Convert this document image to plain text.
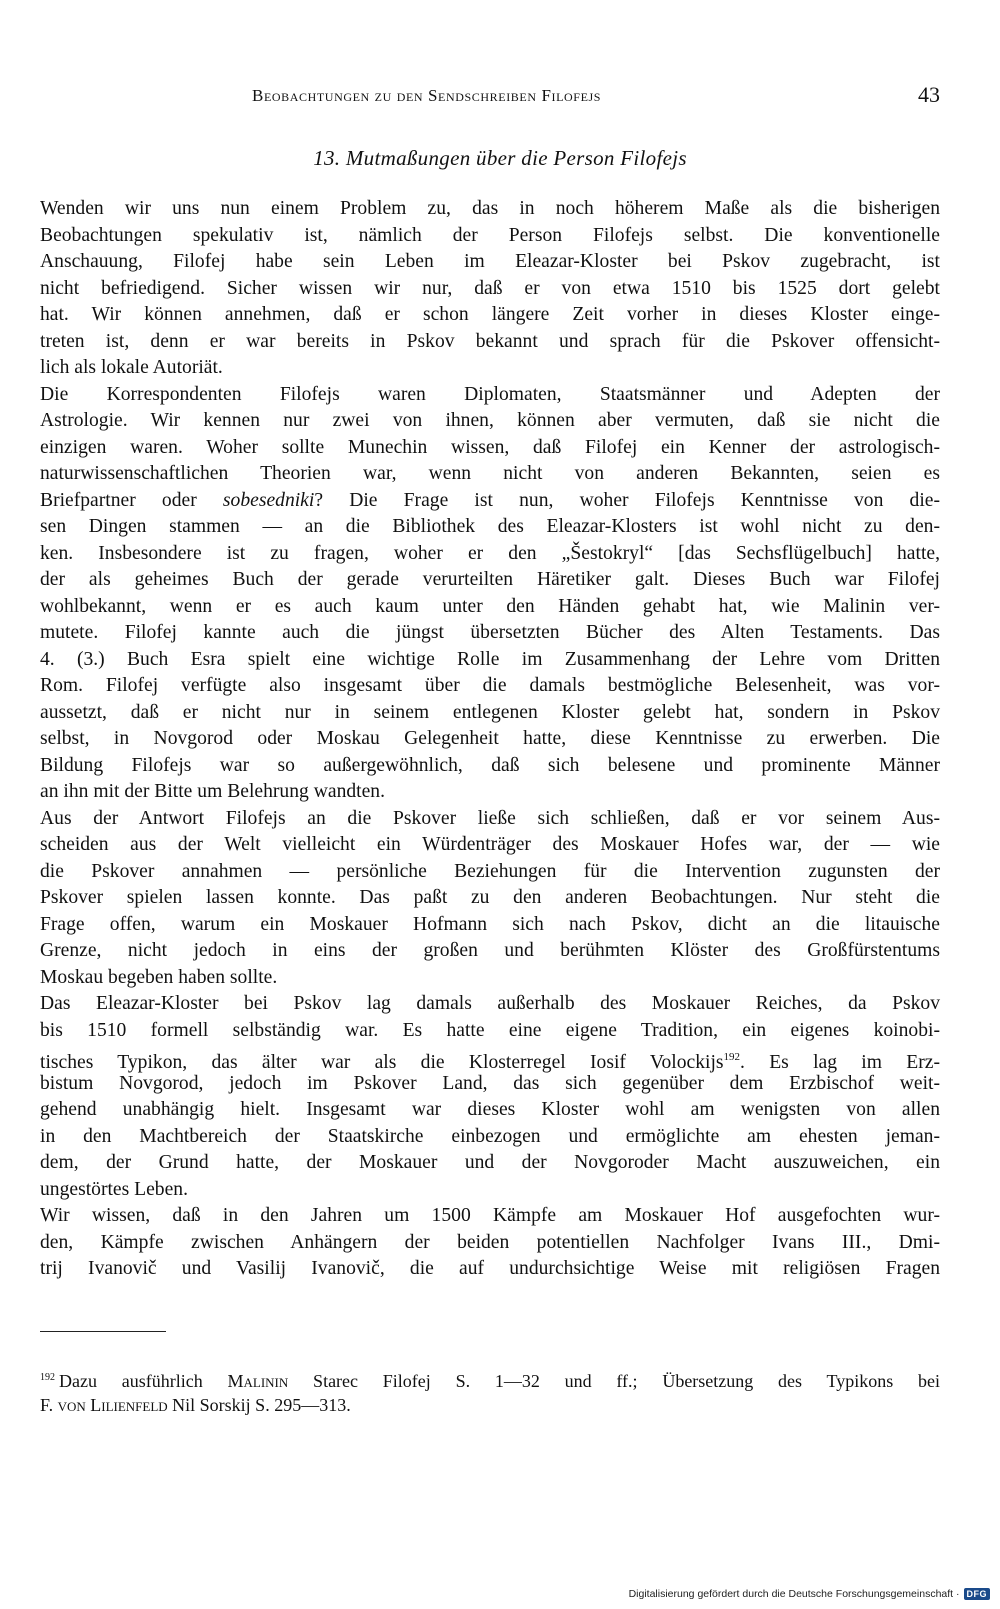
Beobachtungen zu den Sendschreiben Filofejs	43
13. Mutmaßungen über die Person Filofejs
Wenden wir uns nun einem Problem zu, das in noch höherem Maße als die bisherigen
Beobachtungen spekulativ ist, nämlich der Person Filofejs selbst. Die konventionelle
Anschauung, Filofej habe sein Leben im Eleazar-Kloster bei Pskov zugebracht, ist
nicht befriedigend. Sicher wissen wir nur, daß er von etwa 1510 bis 1525 dort gelebt
hat. Wir können annehmen, daß er schon längere Zeit vorher in dieses Kloster einge-
treten ist, denn er war bereits in Pskov bekannt und sprach für die Pskover offensicht-
lich als lokale Autoriät.
Die Korrespondenten Filofejs waren Diplomaten, Staatsmänner und Adepten der
Astrologie. Wir kennen nur zwei von ihnen, können aber vermuten, daß sie nicht die
einzigen waren. Woher sollte Munechin wissen, daß Filofej ein Kenner der astrologisch-
naturwissenschaftlichen Theorien war, wenn nicht von anderen Bekannten, seien es
Briefpartner oder sobesedniki? Die Frage ist nun, woher Filofejs Kenntnisse von die-
sen Dingen stammen — an die Bibliothek des Eleazar-Klosters ist wohl nicht zu den-
ken. Insbesondere ist zu fragen, woher er den „Šestokryl“ [das Sechsflügelbuch] hatte,
der als geheimes Buch der gerade verurteilten Häretiker galt. Dieses Buch war Filofej
wohlbekannt, wenn er es auch kaum unter den Händen gehabt hat, wie Malinin ver-
mutete. Filofej kannte auch die jüngst übersetzten Bücher des Alten Testaments. Das
4. (3.) Buch Esra spielt eine wichtige Rolle im Zusammenhang der Lehre vom Dritten
Rom. Filofej verfügte also insgesamt über die damals bestmögliche Belesenheit, was vor-
aussetzt, daß er nicht nur in seinem entlegenen Kloster gelebt hat, sondern in Pskov
selbst, in Novgorod oder Moskau Gelegenheit hatte, diese Kenntnisse zu erwerben. Die
Bildung Filofejs war so außergewöhnlich, daß sich belesene und prominente Männer
an ihn mit der Bitte um Belehrung wandten.
Aus der Antwort Filofejs an die Pskover ließe sich schließen, daß er vor seinem Aus-
scheiden aus der Welt vielleicht ein Würdenträger des Moskauer Hofes war, der — wie
die Pskover annahmen — persönliche Beziehungen für die Intervention zugunsten der
Pskover spielen lassen konnte. Das paßt zu den anderen Beobachtungen. Nur steht die
Frage offen, warum ein Moskauer Hofmann sich nach Pskov, dicht an die litauische
Grenze, nicht jedoch in eins der großen und berühmten Klöster des Großfürstentums
Moskau begeben haben sollte.
Das Eleazar-Kloster bei Pskov lag damals außerhalb des Moskauer Reiches, da Pskov
bis 1510 formell selbständig war. Es hatte eine eigene Tradition, ein eigenes koinobi-
tisches Typikon, das älter war als die Klosterregel Iosif Volockijs$^{192}$. Es lag im Erz-
bistum Novgorod, jedoch im Pskover Land, das sich gegenüber dem Erzbischof weit-
gehend unabhängig hielt. Insgesamt war dieses Kloster wohl am wenigsten von allen
in den Machtbereich der Staatskirche einbezogen und ermöglichte am ehesten jeman-
dem, der Grund hatte, der Moskauer und der Novgoroder Macht auszuweichen, ein
ungestörtes Leben.
Wir wissen, daß in den Jahren um 1500 Kämpfe am Moskauer Hof ausgefochten wur-
den, Kämpfe zwischen Anhängern der beiden potentiellen Nachfolger Ivans III., Dmi-
trij Ivanovič und Vasilij Ivanovič, die auf undurchsichtige Weise mit religiösen Fragen
$^{192}$ Dazu ausführlich Malinin Starec Filofej S. 1—32 und ff.; Übersetzung des Typikons bei
F. von Lilienfeld Nil Sorskij S. 295—313.
Digitalisierung gefördert durch die Deutsche Forschungsgemeinschaft · DFG
